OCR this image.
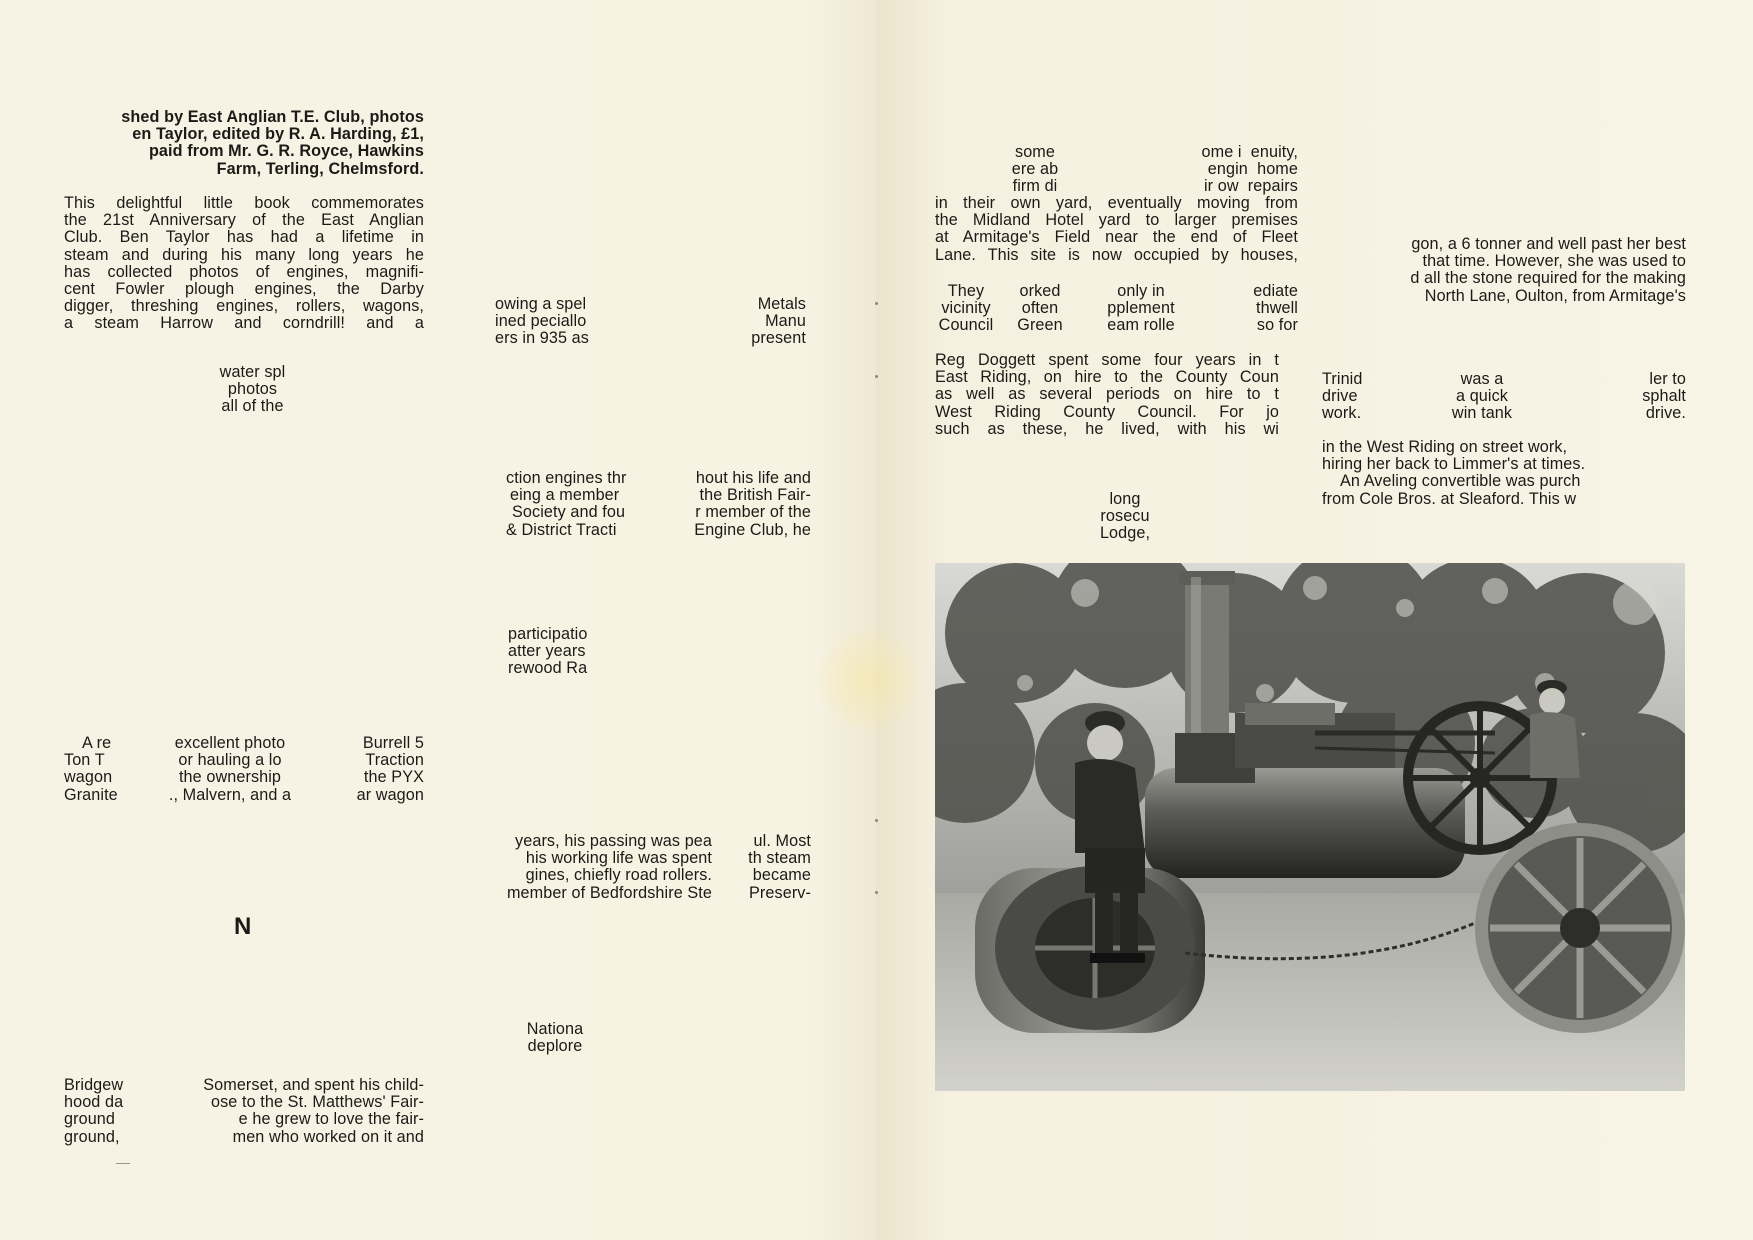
shed by East Anglian T.E. Club, photos
en Taylor, edited by R. A. Harding, £1,
paid from Mr. G. R. Royce, Hawkins
Farm, Terling, Chelmsford.
This delightful little book commemorates
the 21st Anniversary of the East Anglian
Club. Ben Taylor has had a lifetime in
steam and during his many long years he
has collected photos of engines, magnifi-
cent Fowler plough engines, the Darby
digger, threshing engines, rollers, wagons,
a steam Harrow and corndrill! and a
water spl
photos
all of the
A re
Ton T
wagon
Granite
excellent photo
or hauling a lo
the ownership
., Malvern, and a
Burrell 5
Traction
the PYX
ar wagon
N
Bridgew
hood da
ground
ground,
Somerset, and spent his child-
ose to the St. Matthews' Fair-
e he grew to love the fair-
men who worked on it and
owing a spel
ined peciallo
ers in 935 as
Metals
Manu
present
ction engines thr
eing a member
Society and fou
& District Tracti
hout his life and
the British Fair-
r member of the
Engine Club, he
participatio
atter years
rewood Ra
years, his passing was pea
his working life was spent
gines, chiefly road rollers.
member of Bedfordshire Ste
ul. Most
th steam
became
Preserv-
Nationa
deplore
some
ere ab
firm di
ome i  enuity,
engin  home
ir ow  repairs
in their own yard, eventually moving from
the Midland Hotel yard to larger premises
at Armitage's Field near the end of Fleet
Lane. This site is now occupied by houses,
They
vicinity
Council
orked
often
Green
only in
pplement
eam rolle
ediate
thwell
so for
Reg Doggett spent some four years in t
East Riding, on hire to the County Coun
as well as several periods on hire to t
West Riding County Council. For jo
such as these, he lived, with his wi
long
rosecu
Lodge,
gon, a 6 tonner and well past her best
that time. However, she was used to
d all the stone required for the making
North Lane, Oulton, from Armitage's
Trinid
drive
work.
was a
a quick
win tank
ler to
sphalt
drive.
in the West Riding on street work,
hiring her back to Limmer's at times.
An Aveling convertible was purch
from Cole Bros. at Sleaford. This w
